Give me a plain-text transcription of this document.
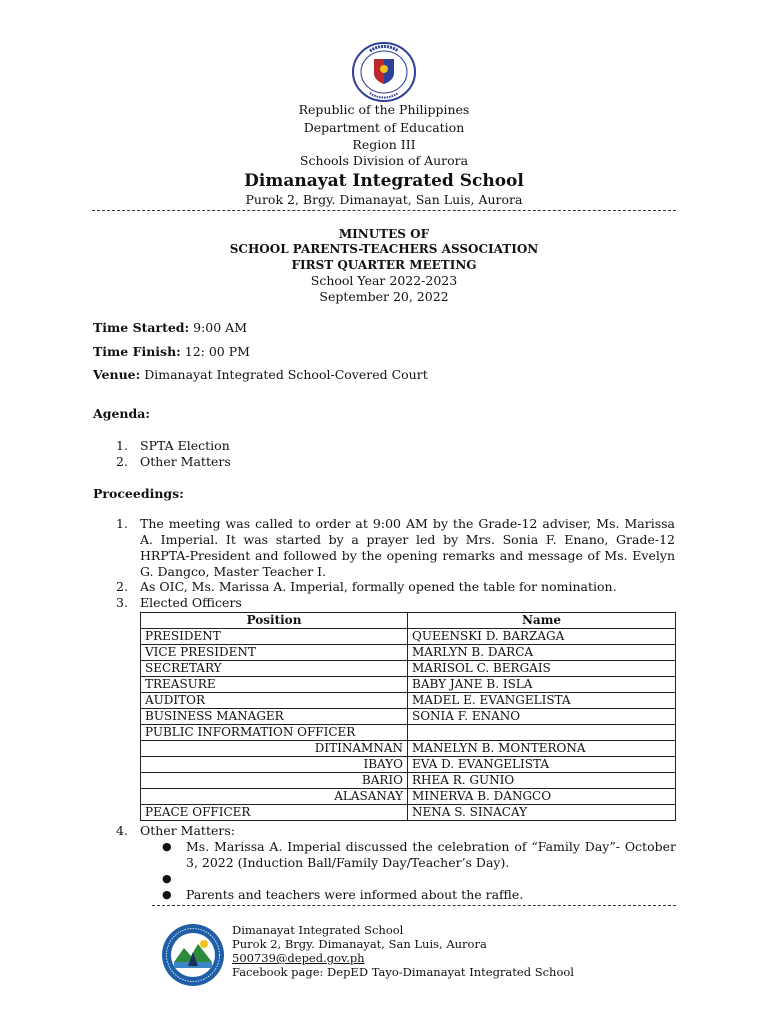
Republic of the Philippines
Department of Education
Region III
Schools Division of Aurora
Dimanayat Integrated School
Purok 2, Brgy. Dimanayat, San Luis, Aurora
MINUTES OF
SCHOOL PARENTS-TEACHERS ASSOCIATION
FIRST QUARTER MEETING
School Year 2022-2023
September 20, 2022
Time Started: 9:00 AM
Time Finish: 12: 00 PM
Venue: Dimanayat Integrated School-Covered Court
Agenda:
1. SPTA Election
2. Other Matters
Proceedings:
1. The meeting was called to order at 9:00 AM by the Grade-12 adviser, Ms. Marissa A. Imperial. It was started by a prayer led by Mrs. Sonia F. Enano, Grade-12 HRPTA-President and followed by the opening remarks and message of Ms. Evelyn G. Dangco, Master Teacher I.
2. As OIC, Ms. Marissa A. Imperial, formally opened the table for nomination.
3. Elected Officers
Position	Name
PRESIDENT	QUEENSKI D. BARZAGA
VICE PRESIDENT	MARLYN B. DARCA
SECRETARY	MARISOL C. BERGAIS
TREASURE	BABY JANE B. ISLA
AUDITOR	MADEL E. EVANGELISTA
BUSINESS MANAGER	SONIA F. ENANO
PUBLIC INFORMATION OFFICER	
DITINAMNAN	MANELYN B. MONTERONA
IBAYO	EVA D. EVANGELISTA
BARIO	RHEA R. GUNIO
ALASANAY	MINERVA B. DANGCO
PEACE OFFICER	NENA S. SINACAY
4. Other Matters:
● Ms. Marissa A. Imperial discussed the celebration of “Family Day”- October 3, 2022 (Induction Ball/Family Day/Teacher’s Day).
●
● Parents and teachers were informed about the raffle.
Dimanayat Integrated School
Purok 2, Brgy. Dimanayat, San Luis, Aurora
500739@deped.gov.ph
Facebook page: DepED Tayo-Dimanayat Integrated School
